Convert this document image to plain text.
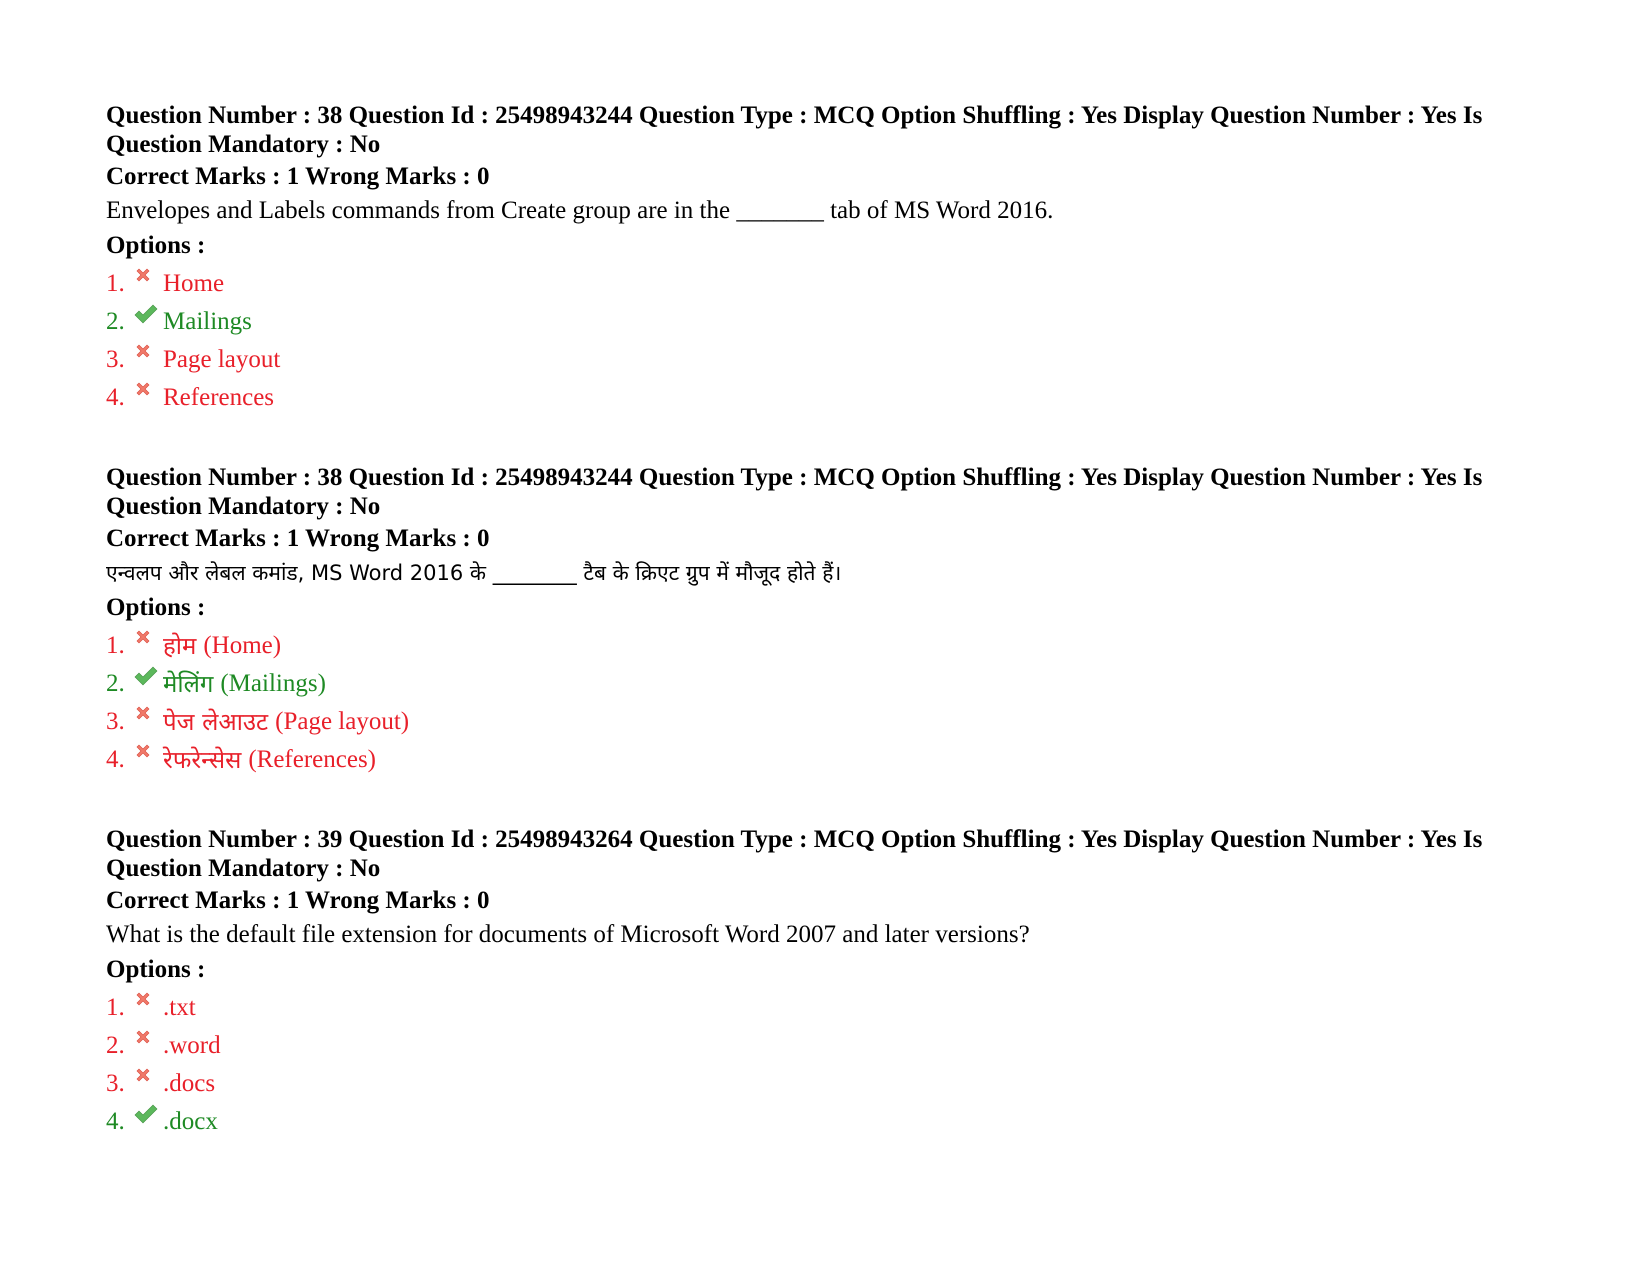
Question Number : 38 Question Id : 25498943244 Question Type : MCQ Option Shuffling : Yes Display Question Number : Yes Is Question Mandatory : No
Correct Marks : 1 Wrong Marks : 0
Envelopes and Labels commands from Create group are in the _______ tab of MS Word 2016.
Options :
1.	Home
2.	Mailings
3.	Page layout
4.	References
Question Number : 38 Question Id : 25498943244 Question Type : MCQ Option Shuffling : Yes Display Question Number : Yes Is Question Mandatory : No
Correct Marks : 1 Wrong Marks : 0
एन्वलप और लेबल कमांड, MS Word 2016 के ________ टैब के क्रिएट ग्रुप में मौजूद होते हैं।
Options :
1.	होम (Home)
2.	मेलिंग (Mailings)
3.	पेज लेआउट (Page layout)
4.	रेफरेन्सेस (References)
Question Number : 39 Question Id : 25498943264 Question Type : MCQ Option Shuffling : Yes Display Question Number : Yes Is Question Mandatory : No
Correct Marks : 1 Wrong Marks : 0
What is the default file extension for documents of Microsoft Word 2007 and later versions?
Options :
1.	.txt
2.	.word
3.	.docs
4.	.docx
